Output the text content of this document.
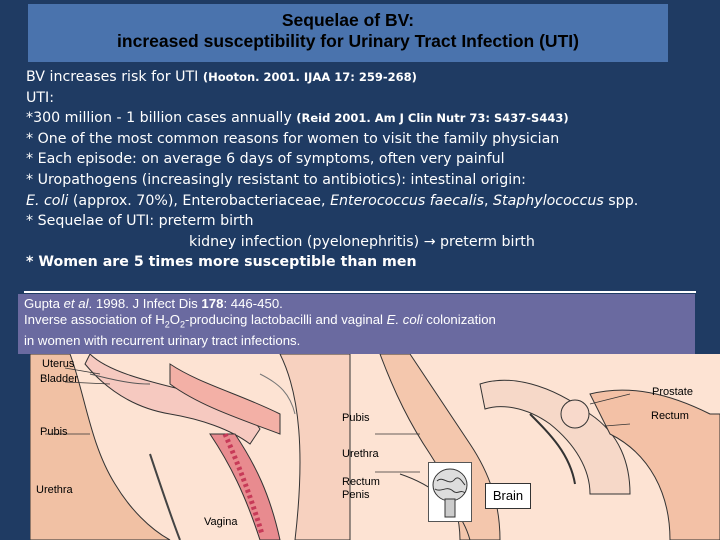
Sequelae of BV:
increased susceptibility for Urinary Tract Infection (UTI)
BV increases risk for UTI (Hooton. 2001. IJAA 17: 259-268)
UTI:
*300 million - 1 billion cases annually (Reid 2001. Am J Clin Nutr 73: S437-S443)
* One of the most common reasons for women to visit the family physician
* Each episode: on average 6 days of symptoms, often very painful
* Uropathogens (increasingly resistant to antibiotics): intestinal origin:
E. coli (approx. 70%), Enterobacteriaceae, Enterococcus faecalis, Staphylococcus spp.
* Sequelae of UTI: preterm birth
kidney infection (pyelonephritis) → preterm birth
* Women are 5 times more susceptible than men
Gupta et al. 1998. J Infect Dis 178: 446-450.
Inverse association of $H_2O_2$-producing lactobacilli and vaginal E. coli colonization
in women with recurrent urinary tract infections.
Uterus
Bladder
Pubis
Urethra
Vagina
Pubis
Prostate
Urethra
Rectum
Rectum
Penis	Brain
